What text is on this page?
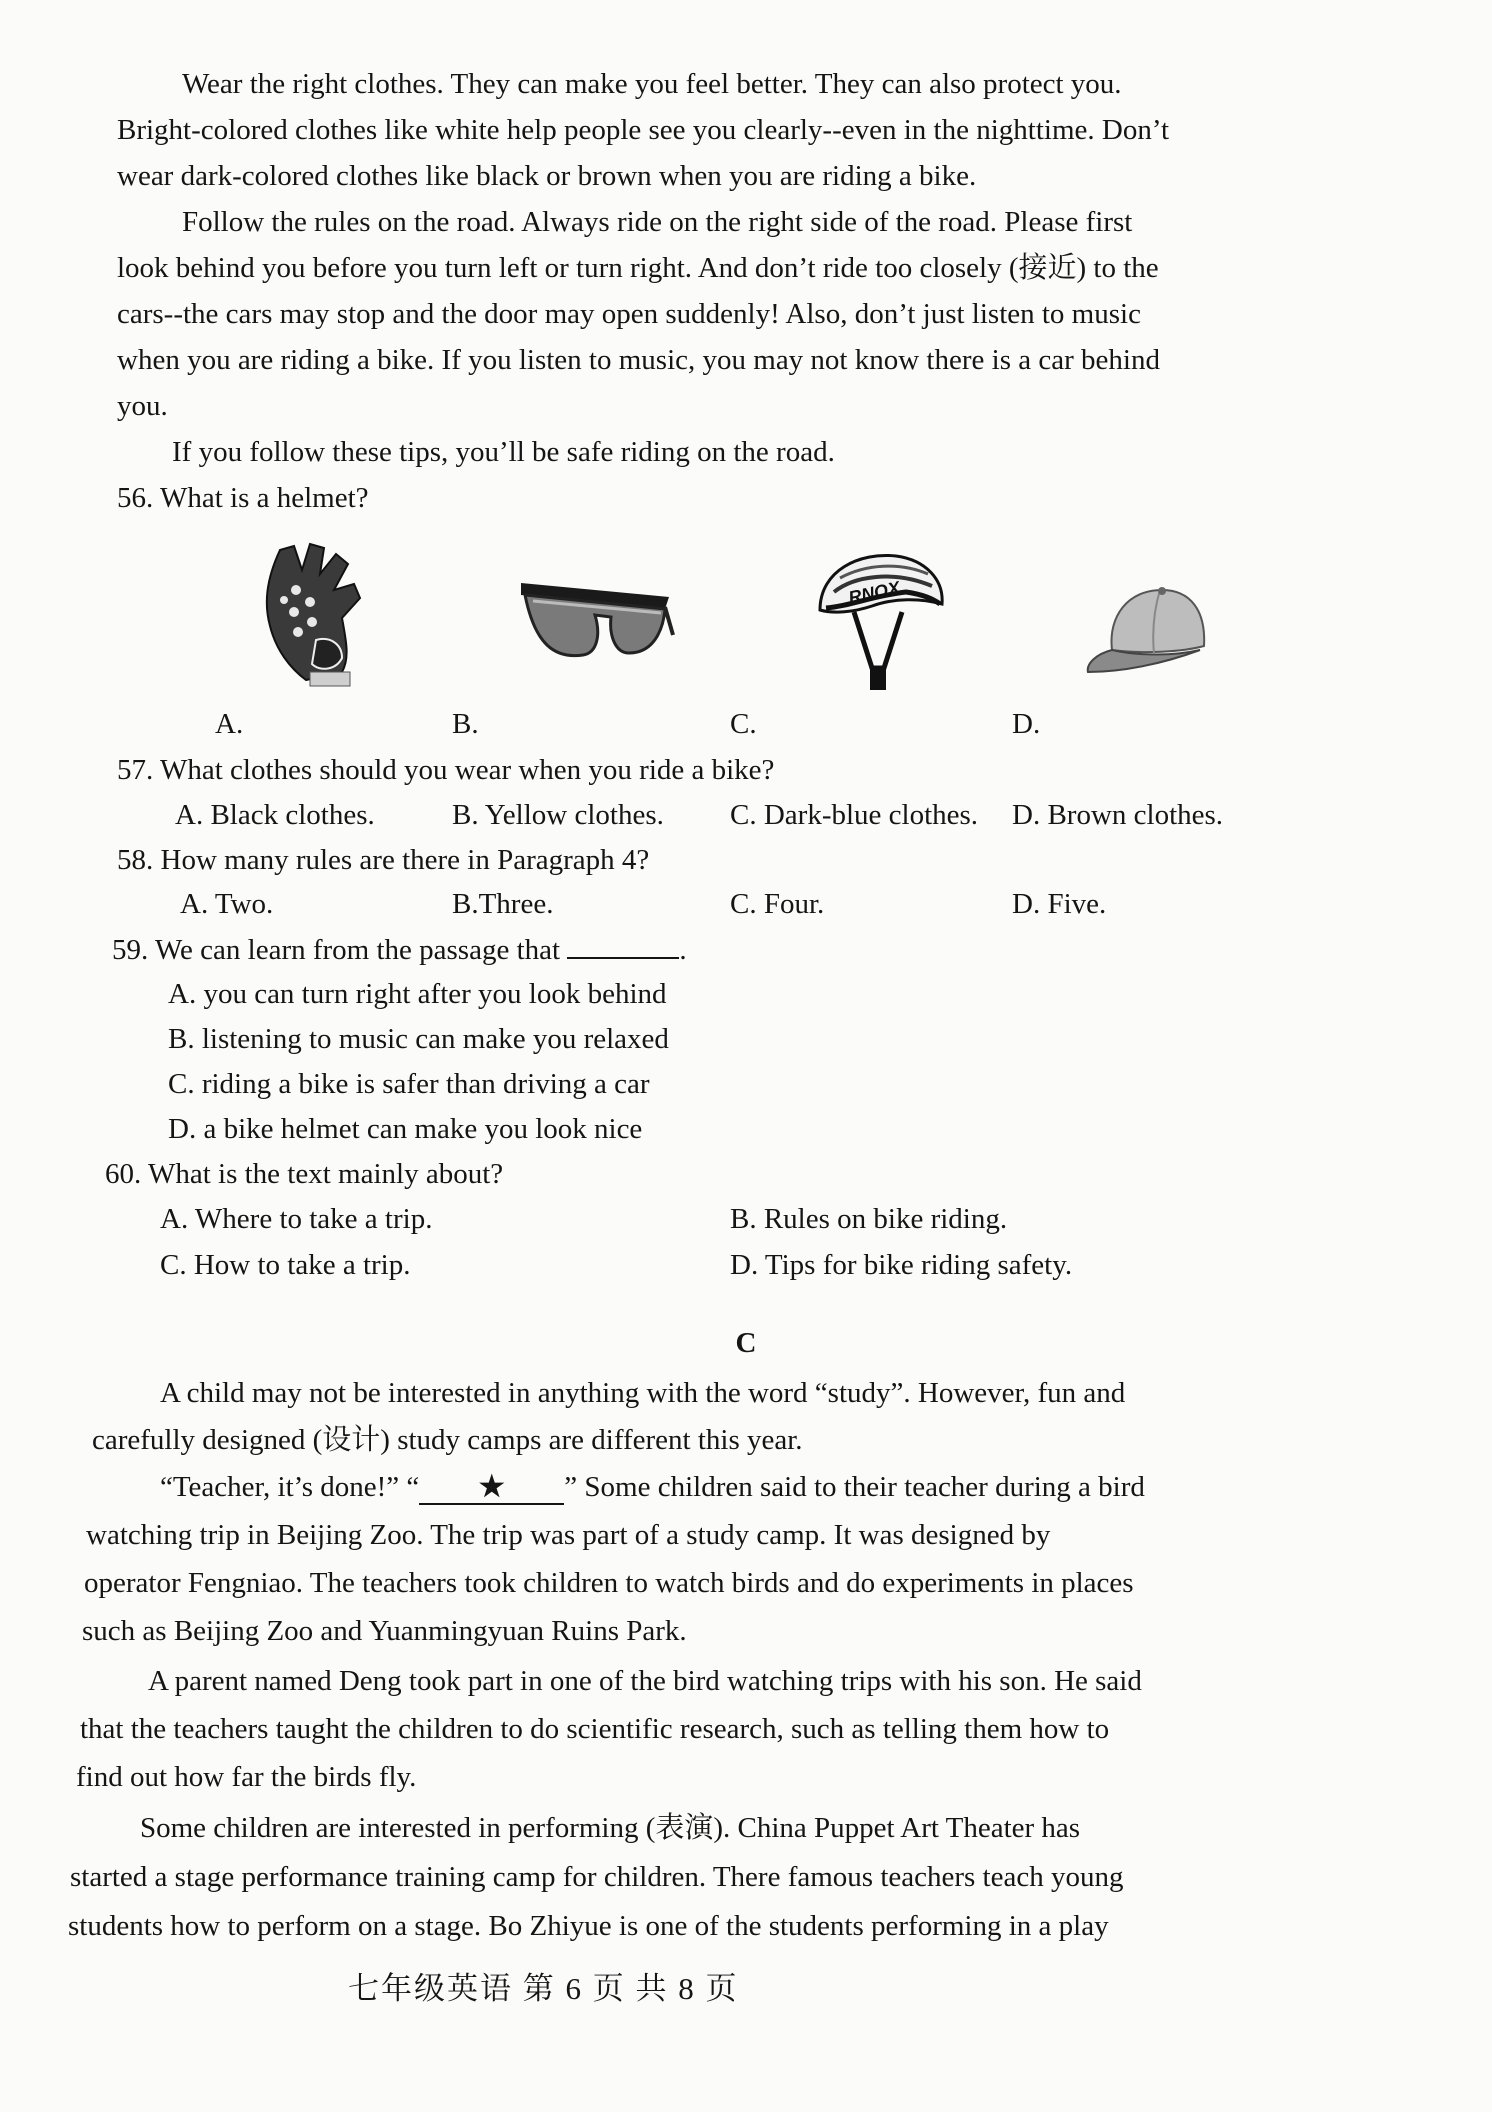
Wear the right clothes. They can make you feel better. They can also protect you.
Bright-colored clothes like white help people see you clearly--even in the nighttime. Don’t
wear dark-colored clothes like black or brown when you are riding a bike.
Follow the rules on the road. Always ride on the right side of the road. Please first
look behind you before you turn left or turn right. And don’t ride too closely (接近) to the
cars--the cars may stop and the door may open suddenly! Also, don’t just listen to music
when you are riding a bike. If you listen to music, you may not know there is a car behind
you.
If you follow these tips, you’ll be safe riding on the road.
56. What is a helmet?
RNOX
A.	B.	C.	D.
57. What clothes should you wear when you ride a bike?
A. Black clothes.	B. Yellow clothes. C. Dark-blue clothes. D. Brown clothes.
58. How many rules are there in Paragraph 4?
A. Two.	B.Three.	C. Four.	D. Five.
59. We can learn from the passage that	.
A. you can turn right after you look behind
B. listening to music can make you relaxed
C. riding a bike is safer than driving a car
D. a bike helmet can make you look nice
60. What is the text mainly about?
A. Where to take a trip.	B. Rules on bike riding.
C. How to take a trip.	D. Tips for bike riding safety.
C
A child may not be interested in anything with the word “study”. However, fun and
carefully designed (设计) study camps are different this year.
“Teacher, it’s done!” “ ★ ” Some children said to their teacher during a bird
watching trip in Beijing Zoo. The trip was part of a study camp. It was designed by
operator Fengniao. The teachers took children to watch birds and do experiments in places
such as Beijing Zoo and Yuanmingyuan Ruins Park.
A parent named Deng took part in one of the bird watching trips with his son. He said
that the teachers taught the children to do scientific research, such as telling them how to
find out how far the birds fly.
Some children are interested in performing (表演). China Puppet Art Theater has
started a stage performance training camp for children. There famous teachers teach young
students how to perform on a stage. Bo Zhiyue is one of the students performing in a play
七年级英语 第 6 页 共 8 页
